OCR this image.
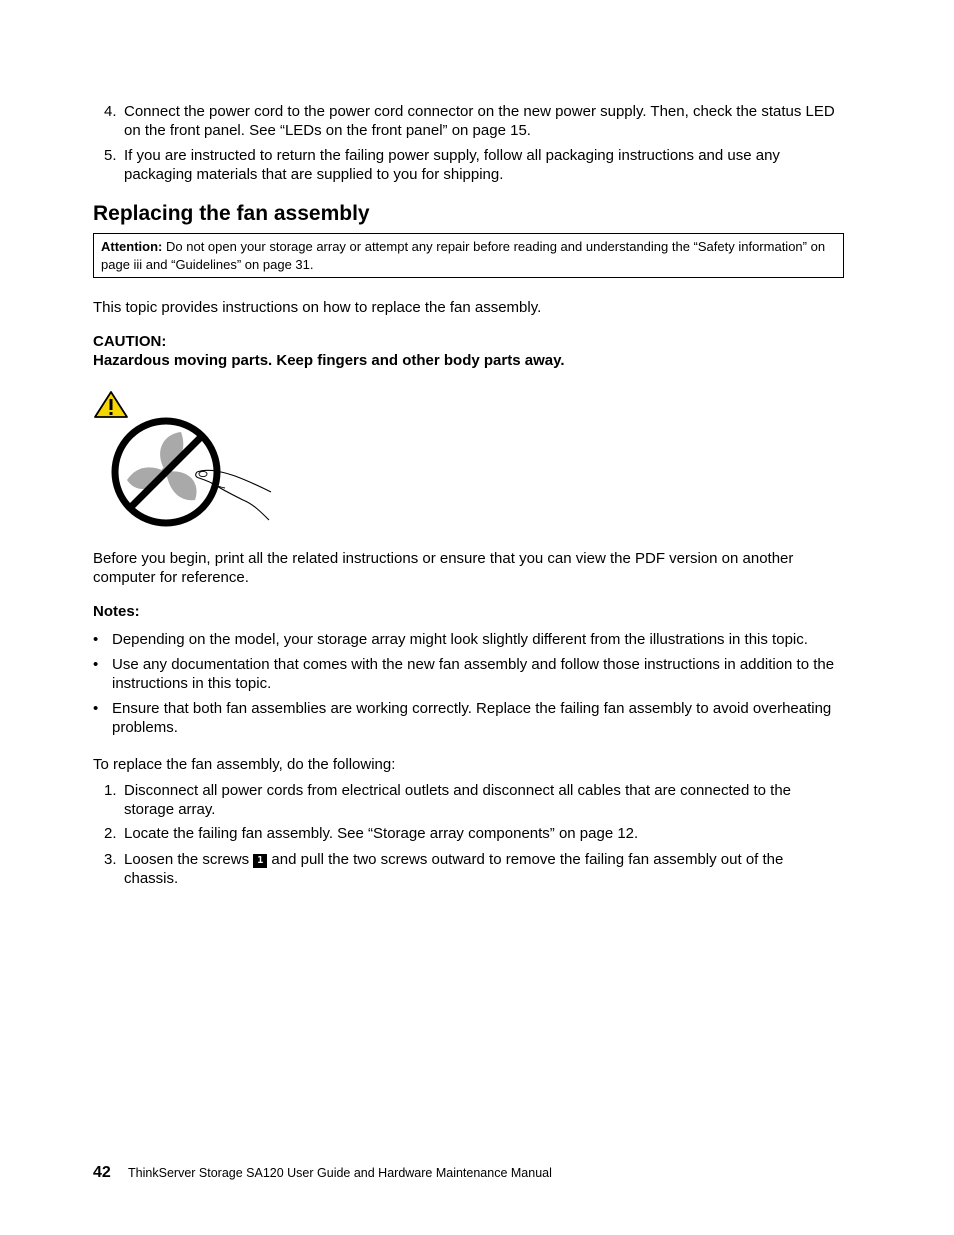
4. Connect the power cord to the power cord connector on the new power supply. Then, check the status LED on the front panel. See “LEDs on the front panel” on page 15.

5. If you are instructed to return the failing power supply, follow all packaging instructions and use any packaging materials that are supplied to you for shipping.

Replacing the fan assembly
Attention: Do not open your storage array or attempt any repair before reading and understanding the “Safety information” on page iii and “Guidelines” on page 31.

This topic provides instructions on how to replace the fan assembly.

CAUTION:

Hazardous moving parts. Keep fingers and other body parts away.

Before you begin, print all the related instructions or ensure that you can view the PDF version on another computer for reference.

Notes:

• Depending on the model, your storage array might look slightly different from the illustrations in this topic.

• Use any documentation that comes with the new fan assembly and follow those instructions in addition to the instructions in this topic.

• Ensure that both fan assemblies are working correctly. Replace the failing fan assembly to avoid overheating problems.

To replace the fan assembly, do the following:

1. Disconnect all power cords from electrical outlets and disconnect all cables that are connected to the storage array.

2. Locate the failing fan assembly. See “Storage array components” on page 12.

3. Loosen the screws 1 and pull the two screws outward to remove the failing fan assembly out of the chassis.

42 ThinkServer Storage SA120 User Guide and Hardware Maintenance Manual
